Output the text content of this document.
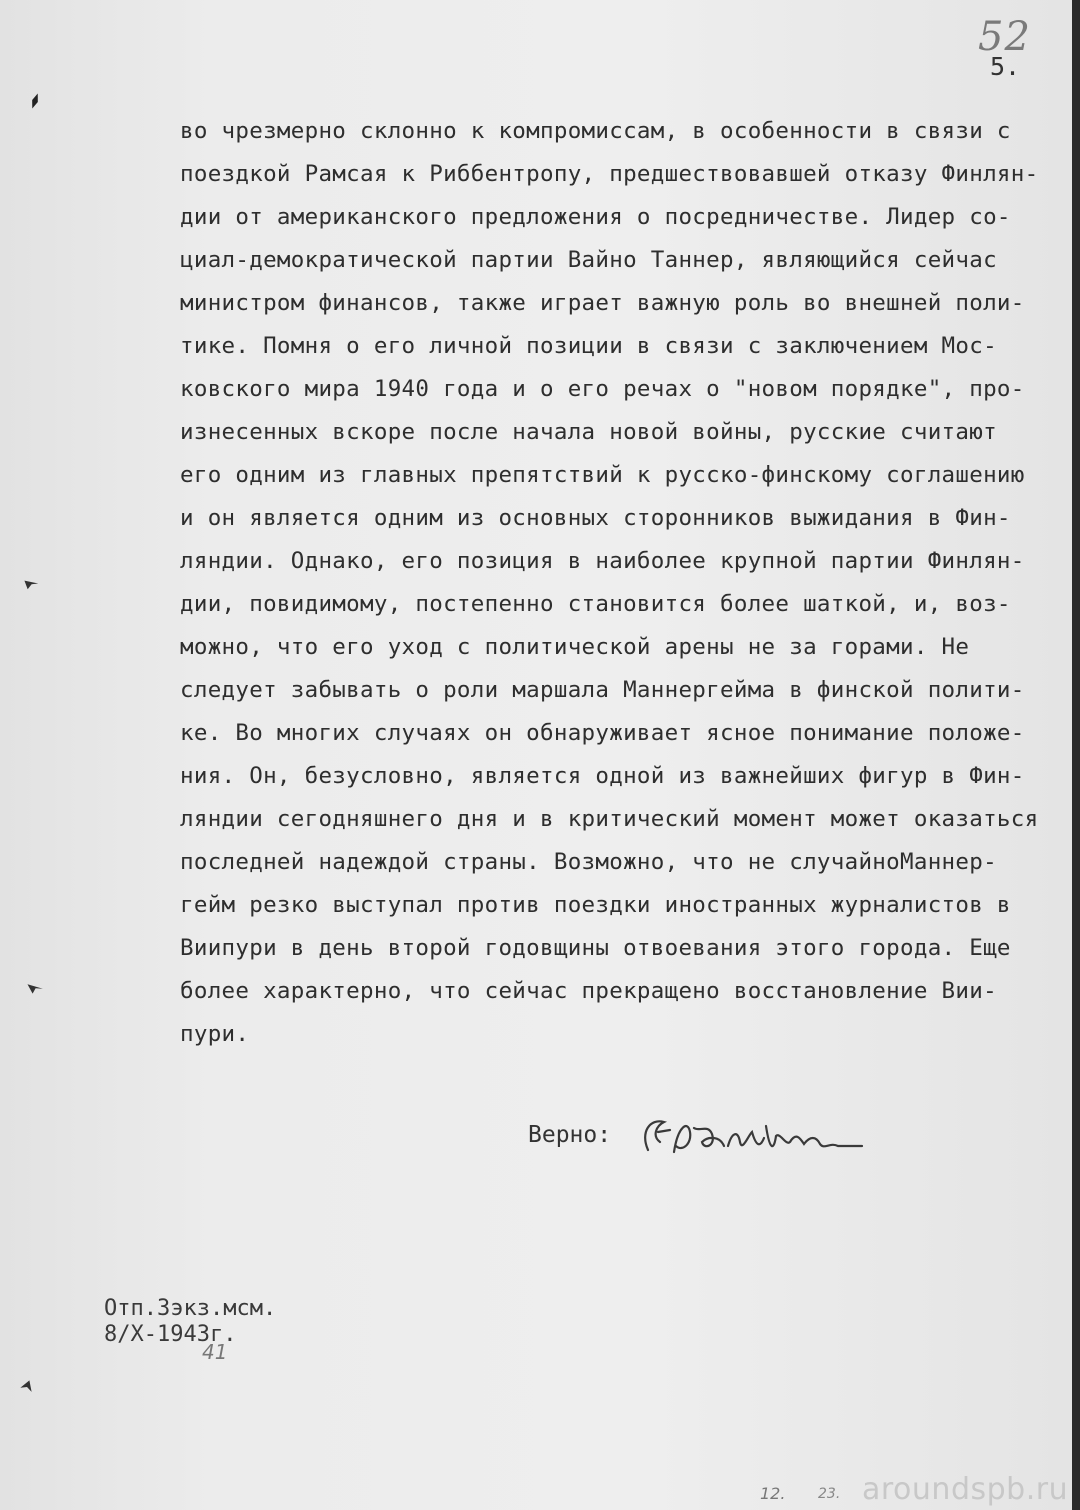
52
5.
во чрезмерно склонно к компромиссам, в особенности в связи с
поездкой Рамсая к Риббентропу, предшествовавшей отказу Финлян-
дии от американского предложения о посредничестве. Лидер со-
циал-демократической партии Вайно Таннер, являющийся сейчас
министром финансов, также играет важную роль во внешней поли-
тике. Помня о его личной позиции в связи с заключением Мос-
ковского мира 1940 года и о его речах о "новом порядке", про-
изнесенных вскоре после начала новой войны, русские считают
его одним из главных препятствий к русско-финскому соглашению
и он является одним из основных сторонников выжидания в Фин-
ляндии. Однако, его позиция в наиболее крупной партии Финлян-
дии, повидимому, постепенно становится более шаткой, и, воз-
можно, что его уход с политической арены не за горами. Не
следует забывать о роли маршала Маннергейма в финской полити-
ке. Во многих случаях он обнаруживает ясное понимание положе-
ния. Он, безусловно, является одной из важнейших фигур в Фин-
ляндии сегодняшнего дня и в критический момент может оказаться
последней надеждой страны. Возможно, что не случайноМаннер-
гейм резко выступал против поездки иностранных журналистов в
Виипури в день второй годовщины отвоевания этого города. Еще
более характерно, что сейчас прекращено восстановление Вии-
пури.
Верно:
Отп.3экз.мсм.
8/X-1943г.
41
12. 23. aroundspb.ru
